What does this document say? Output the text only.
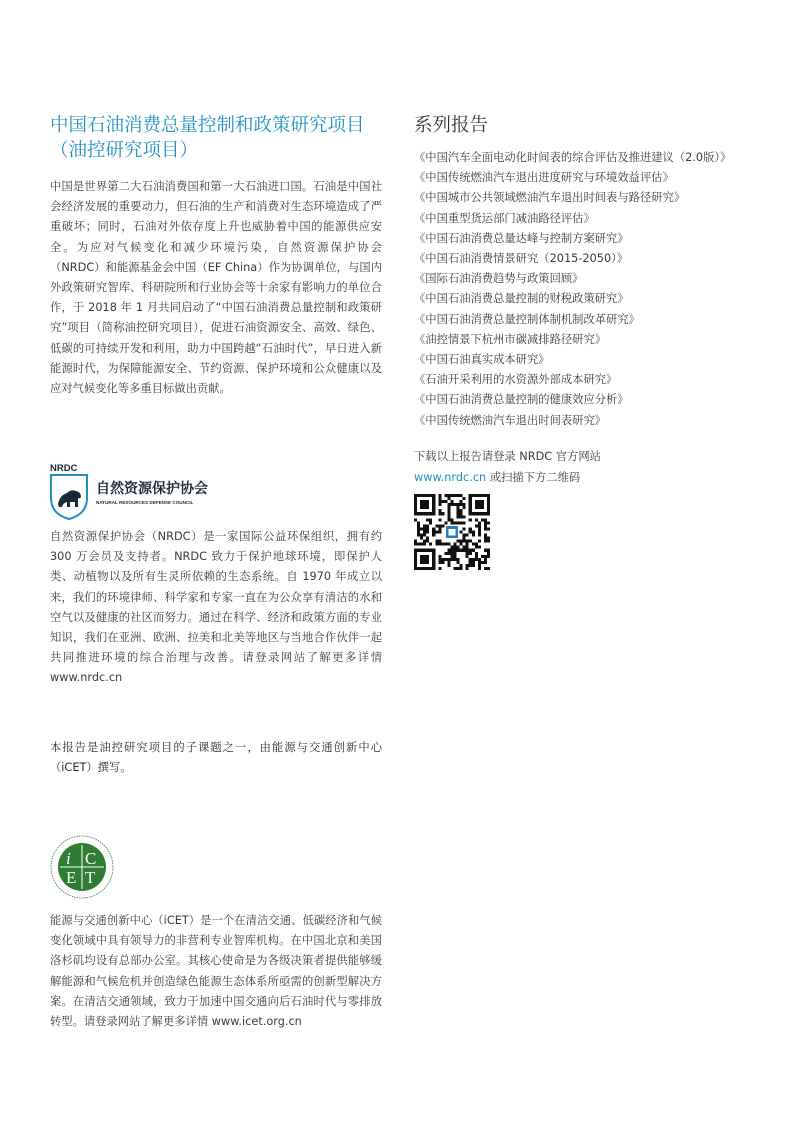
中国石油消费总量控制和政策研究项目
（油控研究项目）

中国是世界第二大石油消费国和第一大石油进口国。石油是中国社会经济发展的重要动力，但石油的生产和消费对生态环境造成了严重破坏；同时，石油对外依存度上升也威胁着中国的能源供应安全。为应对气候变化和减少环境污染，自然资源保护协会（NRDC）和能源基金会中国（EF China）作为协调单位，与国内外政策研究智库、科研院所和行业协会等十余家有影响力的单位合作，于 2018 年 1 月共同启动了“中国石油消费总量控制和政策研究”项目（简称油控研究项目），促进石油资源安全、高效、绿色、低碳的可持续开发和利用，助力中国跨越“石油时代”，早日进入新能源时代，为保障能源安全、节约资源、保护环境和公众健康以及应对气候变化等多重目标做出贡献。

NRDC
自然资源保护协会
NATURAL RESOURCES DEFENSE COUNCIL

自然资源保护协会（NRDC）是一家国际公益环保组织，拥有约 300 万会员及支持者。NRDC 致力于保护地球环境，即保护人类、动植物以及所有生灵所依赖的生态系统。自 1970 年成立以来，我们的环境律师、科学家和专家一直在为公众享有清洁的水和空气以及健康的社区而努力。通过在科学、经济和政策方面的专业知识，我们在亚洲、欧洲、拉美和北美等地区与当地合作伙伴一起共同推进环境的综合治理与改善。请登录网站了解更多详情 www.nrdc.cn

本报告是油控研究项目的子课题之一，由能源与交通创新中心（iCET）撰写。

i C
E T

能源与交通创新中心（iCET）是一个在清洁交通、低碳经济和气候变化领域中具有领导力的非营利专业智库机构。在中国北京和美国洛杉矶均设有总部办公室。其核心使命是为各级决策者提供能够缓解能源和气候危机并创造绿色能源生态体系所亟需的创新型解决方案。在清洁交通领域，致力于加速中国交通向后石油时代与零排放转型。请登录网站了解更多详情 www.icet.org.cn

系列报告
《中国汽车全面电动化时间表的综合评估及推进建议（2.0版）》
《中国传统燃油汽车退出进度研究与环境效益评估》
《中国城市公共领域燃油汽车退出时间表与路径研究》
《中国重型货运部门减油路径评估》
《中国石油消费总量达峰与控制方案研究》
《中国石油消费情景研究（2015-2050）》
《国际石油消费趋势与政策回顾》
《中国石油消费总量控制的财税政策研究》
《中国石油消费总量控制体制机制改革研究》
《油控情景下杭州市碳减排路径研究》
《中国石油真实成本研究》
《石油开采利用的水资源外部成本研究》
《中国石油消费总量控制的健康效应分析》
《中国传统燃油汽车退出时间表研究》
下载以上报告请登录 NRDC 官方网站
www.nrdc.cn 或扫描下方二维码
